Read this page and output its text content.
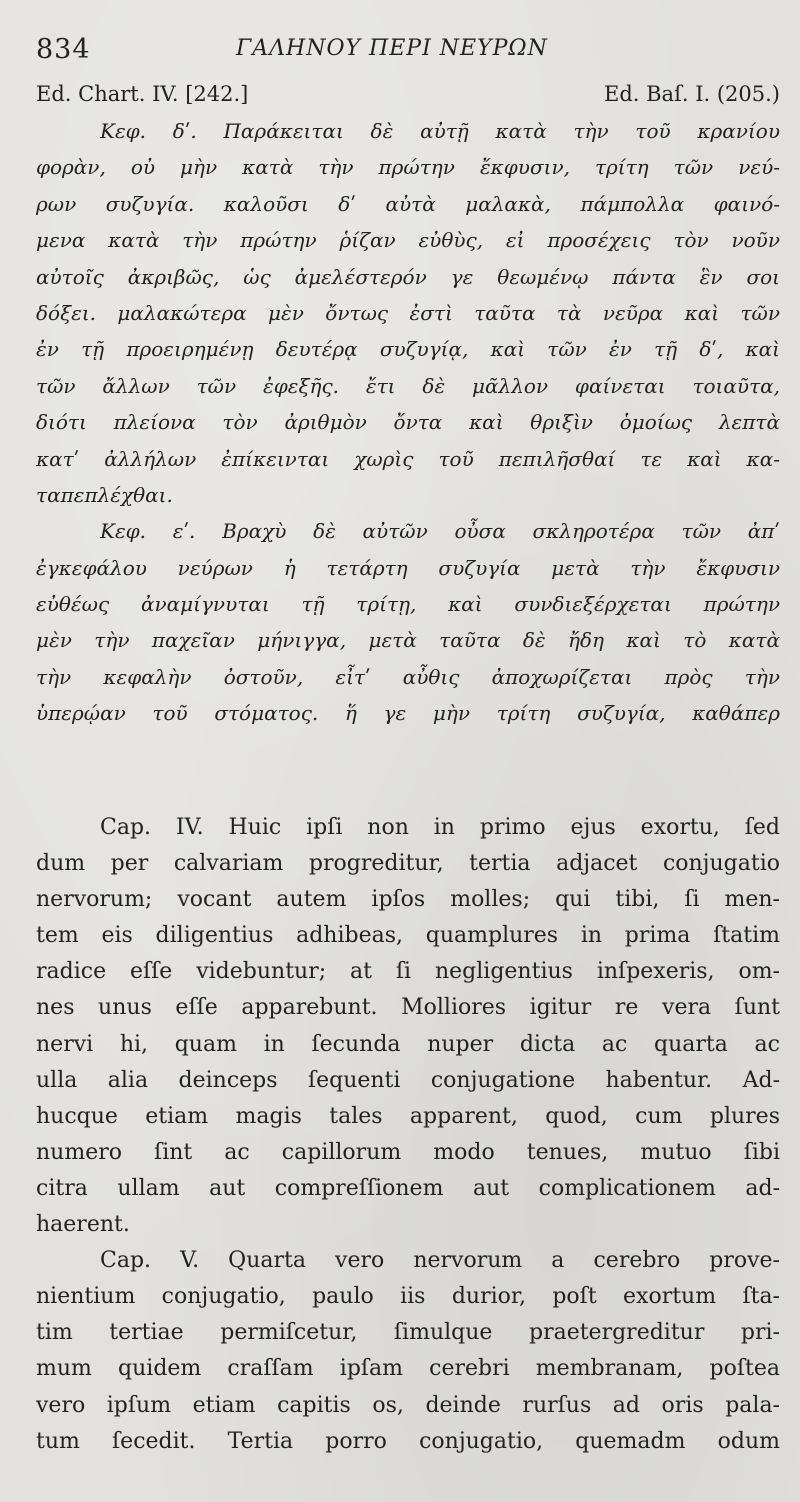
834	ΓΑΛΗΝΟΥ ΠΕΡΙ ΝΕΥΡΩΝ
Ed. Chart. IV. [242.]	Ed. Baſ. I. (205.)
Κεφ. δʹ. Παράκειται δὲ αὐτῇ κατὰ τὴν τοῦ κρανίου
φορὰν, οὐ μὴν κατὰ τὴν πρώτην ἔκφυσιν, τρίτη τῶν νεύ-
ρων συζυγία. καλοῦσι δʹ αὐτὰ μαλακὰ, πάμπολλα φαινό-
μενα κατὰ τὴν πρώτην ῥίζαν εὐθὺς, εἰ προσέχεις τὸν νοῦν
αὐτοῖς ἀκριβῶς, ὡς ἀμελέστερόν γε θεωμένῳ πάντα ἓν σοι
δόξει. μαλακώτερα μὲν ὄντως ἐστὶ ταῦτα τὰ νεῦρα καὶ τῶν
ἐν τῇ προειρημένῃ δευτέρᾳ συζυγίᾳ, καὶ τῶν ἐν τῇ δʹ, καὶ
τῶν ἄλλων τῶν ἐφεξῆς. ἔτι δὲ μᾶλλον φαίνεται τοιαῦτα,
διότι πλείονα τὸν ἀριθμὸν ὄντα καὶ θριξὶν ὁμοίως λεπτὰ
κατʹ ἀλλήλων ἐπίκεινται χωρὶς τοῦ πεπιλῆσθαί τε καὶ κα-
ταπεπλέχθαι.
Κεφ. εʹ. Βραχὺ δὲ αὐτῶν οὖσα σκληροτέρα τῶν ἀπʹ
ἐγκεφάλου νεύρων ἡ τετάρτη συζυγία μετὰ τὴν ἔκφυσιν
εὐθέως ἀναμίγνυται τῇ τρίτῃ, καὶ συνδιεξέρχεται πρώτην
μὲν τὴν παχεῖαν μήνιγγα, μετὰ ταῦτα δὲ ἤδη καὶ τὸ κατὰ
τὴν κεφαλὴν ὀστοῦν, εἶτʹ αὖθις ἀποχωρίζεται πρὸς τὴν
ὑπερῴαν τοῦ στόματος. ἥ γε μὴν τρίτη συζυγία, καθάπερ
Cap. IV. Huic ipſi non in primo ejus exortu, ſed
dum per calvariam progreditur, tertia adjacet conjugatio
nervorum; vocant autem ipſos molles; qui tibi, ſi men-
tem eis diligentius adhibeas, quamplures in prima ſtatim
radice eſſe videbuntur; at ſi negligentius inſpexeris, om-
nes unus eſſe apparebunt. Molliores igitur re vera ſunt
nervi hi, quam in ſecunda nuper dicta ac quarta ac
ulla alia deinceps ſequenti conjugatione habentur. Ad-
hucque etiam magis tales apparent, quod, cum plures
numero ſint ac capillorum modo tenues, mutuo ſibi
citra ullam aut compreſſionem aut complicationem ad-
haerent.
Cap. V. Quarta vero nervorum a cerebro prove-
nientium conjugatio, paulo iis durior, poſt exortum ſta-
tim tertiae permiſcetur, ſimulque praetergreditur pri-
mum quidem craſſam ipſam cerebri membranam, poſtea
vero ipſum etiam capitis os, deinde rurſus ad oris pala-
tum ſecedit. Tertia porro conjugatio, quemadm odum
